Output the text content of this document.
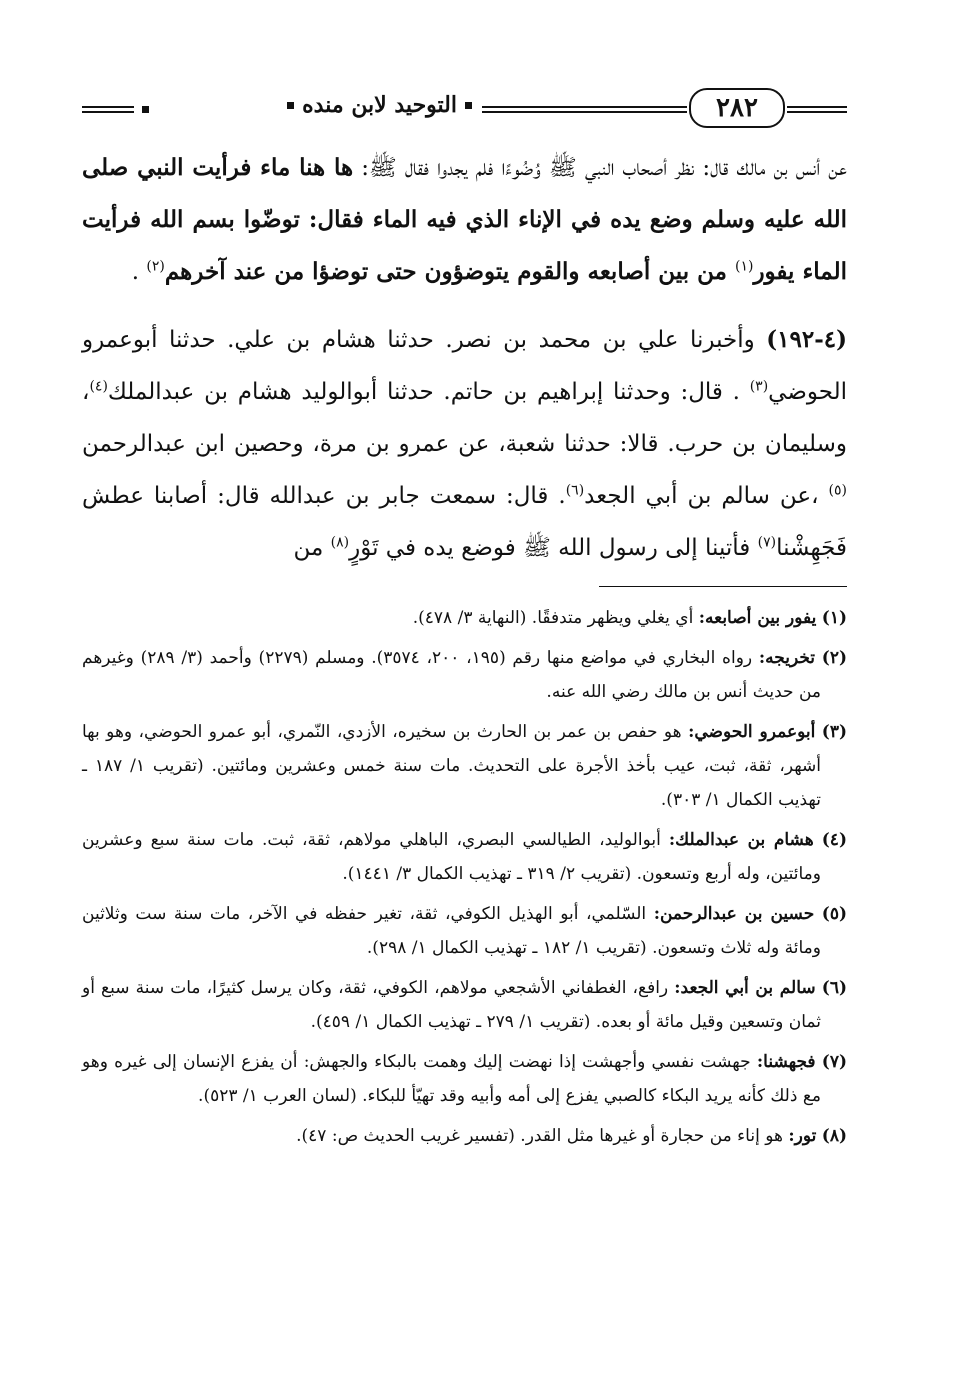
٢٨٢
التوحيد لابن منده

عن أنس بن مالك قال: نظر أصحاب النبي ﷺ وُضُوءًا فلم يجدوا فقال ﷺ: ها هنا ماء فرأيت النبي صلى الله عليه وسلم وضع يده في الإناء الذي فيه الماء فقال: توضّوا بسم الله فرأيت الماء يفور$^{(١)}$ من بين أصابعه والقوم يتوضؤون حتى توضؤا من عند آخرهم$^{(٢)}$ .

(٤-١٩٢) وأخبرنا علي بن محمد بن نصر. حدثنا هشام بن علي. حدثنا أبوعمرو الحوضي$^{(٣)}$ . قال: وحدثنا إبراهيم بن حاتم. حدثنا أبوالوليد هشام بن عبدالملك$^{(٤)}$، وسليمان بن حرب. قالا: حدثنا شعبة، عن عمرو بن مرة، وحصين ابن عبدالرحمن $^{(٥)}$ ،عن سالم بن أبي الجعد$^{(٦)}$. قال: سمعت جابر بن عبدالله قال: أصابنا عطش فَجَهِشْنا$^{(٧)}$ فأتينا إلى رسول الله ﷺ فوضع يده في تَوْرٍ$^{(٨)}$ من

(١) يفور بين أصابعه: أي يغلي ويظهر متدفقًا. (النهاية ٣/ ٤٧٨).
(٢) تخريجه: رواه البخاري في مواضع منها رقم (١٩٥، ٢٠٠، ٣٥٧٤). ومسلم (٢٢٧٩) وأحمد (٣/ ٢٨٩) وغيرهم من حديث أنس بن مالك رضي الله عنه.
(٣) أبوعمرو الحوضي: هو حفص بن عمر بن الحارث بن سخيره، الأزدي، النّمري، أبو عمرو الحوضي، وهو بها أشهر، ثقة، ثبت، عيب بأخذ الأجرة على التحديث. مات سنة خمس وعشرين ومائتين. (تقريب ١/ ١٨٧ ـ تهذيب الكمال ١/ ٣٠٣).
(٤) هشام بن عبدالملك: أبوالوليد، الطيالسي البصري، الباهلي مولاهم، ثقة، ثبت. مات سنة سبع وعشرين ومائتين، وله أربع وتسعون. (تقريب ٢/ ٣١٩ ـ تهذيب الكمال ٣/ ١٤٤١).
(٥) حسين بن عبدالرحمن: السّلمي، أبو الهذيل الكوفي، ثقة، تغير حفظه في الآخر، مات سنة ست وثلاثين ومائة وله ثلاث وتسعون. (تقريب ١/ ١٨٢ ـ تهذيب الكمال ١/ ٢٩٨).
(٦) سالم بن أبي الجعد: رافع، الغطفاني الأشجعي مولاهم، الكوفي، ثقة، وكان يرسل كثيرًا، مات سنة سبع أو ثمان وتسعين وقيل مائة أو بعده. (تقريب ١/ ٢٧٩ ـ تهذيب الكمال ١/ ٤٥٩).
(٧) فجهشنا: جهشت نفسي وأجهشت إذا نهضت إليك وهمت بالبكاء والجهش: أن يفزع الإنسان إلى غيره وهو مع ذلك كأنه يريد البكاء كالصبي يفزع إلى أمه وأبيه وقد تهيّأ للبكاء. (لسان العرب ١/ ٥٢٣).
(٨) تور: هو إناء من حجارة أو غيرها مثل القدر. (تفسير غريب الحديث ص: ٤٧).
